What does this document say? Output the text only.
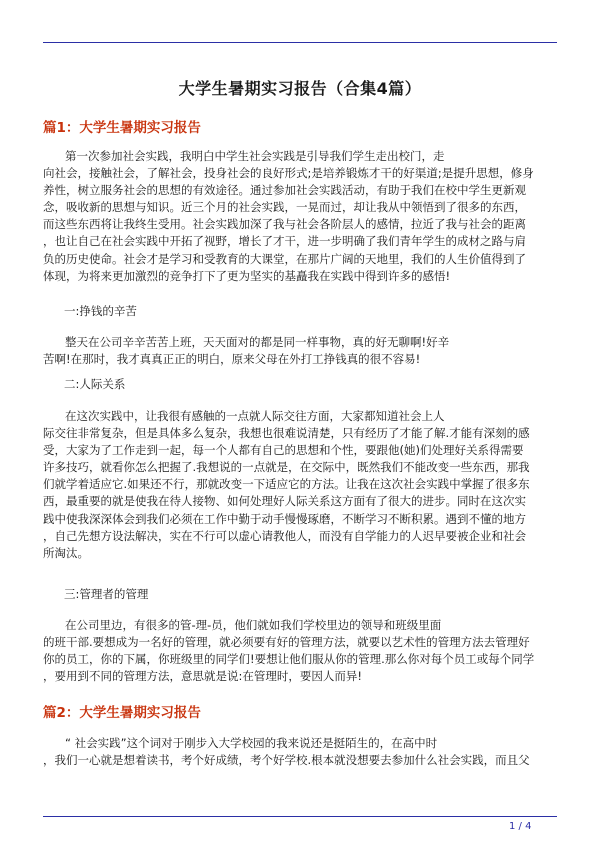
大学生暑期实习报告（合集4篇）
篇1：大学生暑期实习报告

第一次参加社会实践，我明白中学生社会实践是引导我们学生走出校门，走

向社会，接触社会，了解社会，投身社会的良好形式;是培养锻炼才干的好渠道;是提升思想，修身

养性，树立服务社会的思想的有效途径。通过参加社会实践活动，有助于我们在校中学生更新观

念，吸收新的思想与知识。近三个月的社会实践，一晃而过，却让我从中领悟到了很多的东西，

而这些东西将让我终生受用。社会实践加深了我与社会各阶层人的感情，拉近了我与社会的距离

，也让自己在社会实践中开拓了视野，增长了才干，进一步明确了我们青年学生的成材之路与肩

负的历史使命。社会才是学习和受教育的大课堂，在那片广阔的天地里，我们的人生价值得到了

体现，为将来更加激烈的竞争打下了更为坚实的基矗我在实践中得到许多的感悟!

一:挣钱的辛苦

整天在公司辛辛苦苦上班，天天面对的都是同一样事物，真的好无聊啊!好辛

苦啊!在那时，我才真真正正的明白，原来父母在外打工挣钱真的很不容易!

二:人际关系

在这次实践中，让我很有感触的一点就人际交往方面，大家都知道社会上人

际交往非常复杂，但是具体多么复杂，我想也很难说清楚，只有经历了才能了解.才能有深刻的感

受，大家为了工作走到一起，每一个人都有自己的思想和个性，要跟他(她)们处理好关系得需要

许多技巧，就看你怎么把握了.我想说的一点就是，在交际中，既然我们不能改变一些东西，那我

们就学着适应它.如果还不行，那就改变一下适应它的方法。让我在这次社会实践中掌握了很多东

西，最重要的就是使我在待人接物、如何处理好人际关系这方面有了很大的进步。同时在这次实

践中使我深深体会到我们必须在工作中勤于动手慢慢琢磨，不断学习不断积累。遇到不懂的地方

，自己先想方设法解决，实在不行可以虚心请教他人，而没有自学能力的人迟早要被企业和社会

所淘汰。

三:管理者的管理

在公司里边，有很多的管-理-员，他们就如我们学校里边的领导和班级里面

的班干部.要想成为一名好的管理，就必须要有好的管理方法，就要以艺术性的管理方法去管理好

你的员工，你的下属，你班级里的同学们!要想让他们服从你的管理.那么你对每个员工或每个同学

，要用到不同的管理方法，意思就是说:在管理时，要因人而异!

篇2：大学生暑期实习报告

“ 社会实践”这个词对于刚步入大学校园的我来说还是挺陌生的，在高中时

，我们一心就是想着读书，考个好成绩，考个好学校.根本就没想要去参加什么社会实践，而且父

1 / 4
